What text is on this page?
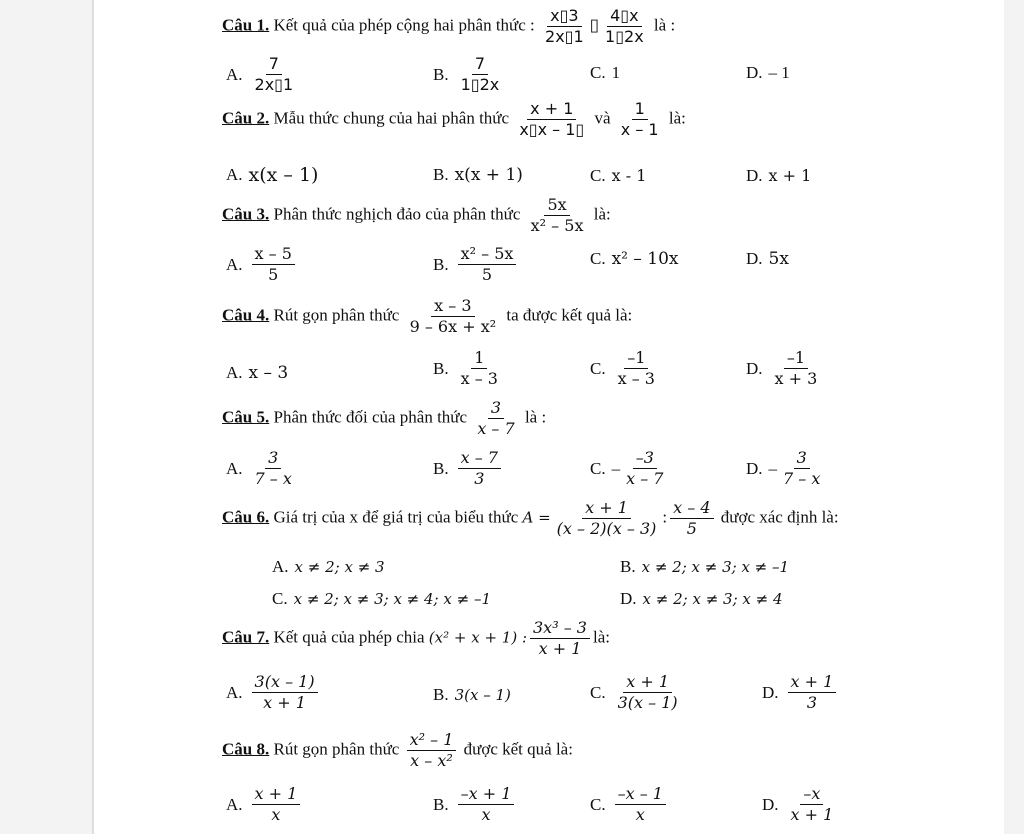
Câu 1. Kết quả của phép cộng hai phân thức : $\frac{x▯3}{2x▯1}$ ▯ $\frac{4▯x}{1▯2x}$ là :
A. $\frac{7}{2x▯1}$	B. $\frac{7}{1▯2x}$	C. 1	D. – 1
Câu 2. Mẫu thức chung của hai phân thức $\frac{x + 1}{x▯x - 1▯}$ và $\frac{1}{x - 1}$ là:
A. x(x – 1)	B. x(x + 1)	C. x - 1	D. x + 1
Câu 3. Phân thức nghịch đảo của phân thức $\frac{5x}{\text{x² – 5x}}$ là:
A. $\frac{x - 5}{5}$	B. $\frac{\text{x² – 5x}}{5}$	C. x² – 10x	D. 5x
Câu 4. Rút gọn phân thức $\frac{x - 3}{\text{9 – 6x + x²}}$ ta được kết quả là:
A. x – 3	B. $\frac{1}{x - 3}$	C. $\frac{-1}{x - 3}$	D. $\frac{-1}{x + 3}$
Câu 5. Phân thức đối của phân thức $\frac{3}{x - 7}$ là :
A. $\frac{3}{7 - x}$	B. $\frac{x - 7}{3}$	C. – $\frac{-3}{x - 7}$	D. – $\frac{3}{7 - x}$
Câu 6. Giá trị của x để giá trị của biểu thức $A = \frac{x + 1}{(x - 2)(x - 3)}$ : $\frac{x - 4}{5}$ được xác định là:
A. x ≠ 2; x ≠ 3	B. x ≠ 2; x ≠ 3; x ≠ –1
C. x ≠ 2; x ≠ 3; x ≠ 4; x ≠ –1	D. x ≠ 2; x ≠ 3; x ≠ 4
Câu 7. Kết quả của phép chia (x² + x + 1) : $\frac{\text{3x³ – 3}}{x + 1}$ là:
A. $\frac{3(x - 1)}{x + 1}$	B. 3(x – 1)	C. $\frac{x + 1}{3(x - 1)}$	D. $\frac{x + 1}{3}$
Câu 8. Rút gọn phân thức $\frac{\text{x² – 1}}{\text{x – x²}}$ được kết quả là:
A. $\frac{x + 1}{x}$	B. $\frac{-x + 1}{x}$	C. $\frac{-x - 1}{x}$	D. $\frac{-x}{x + 1}$
